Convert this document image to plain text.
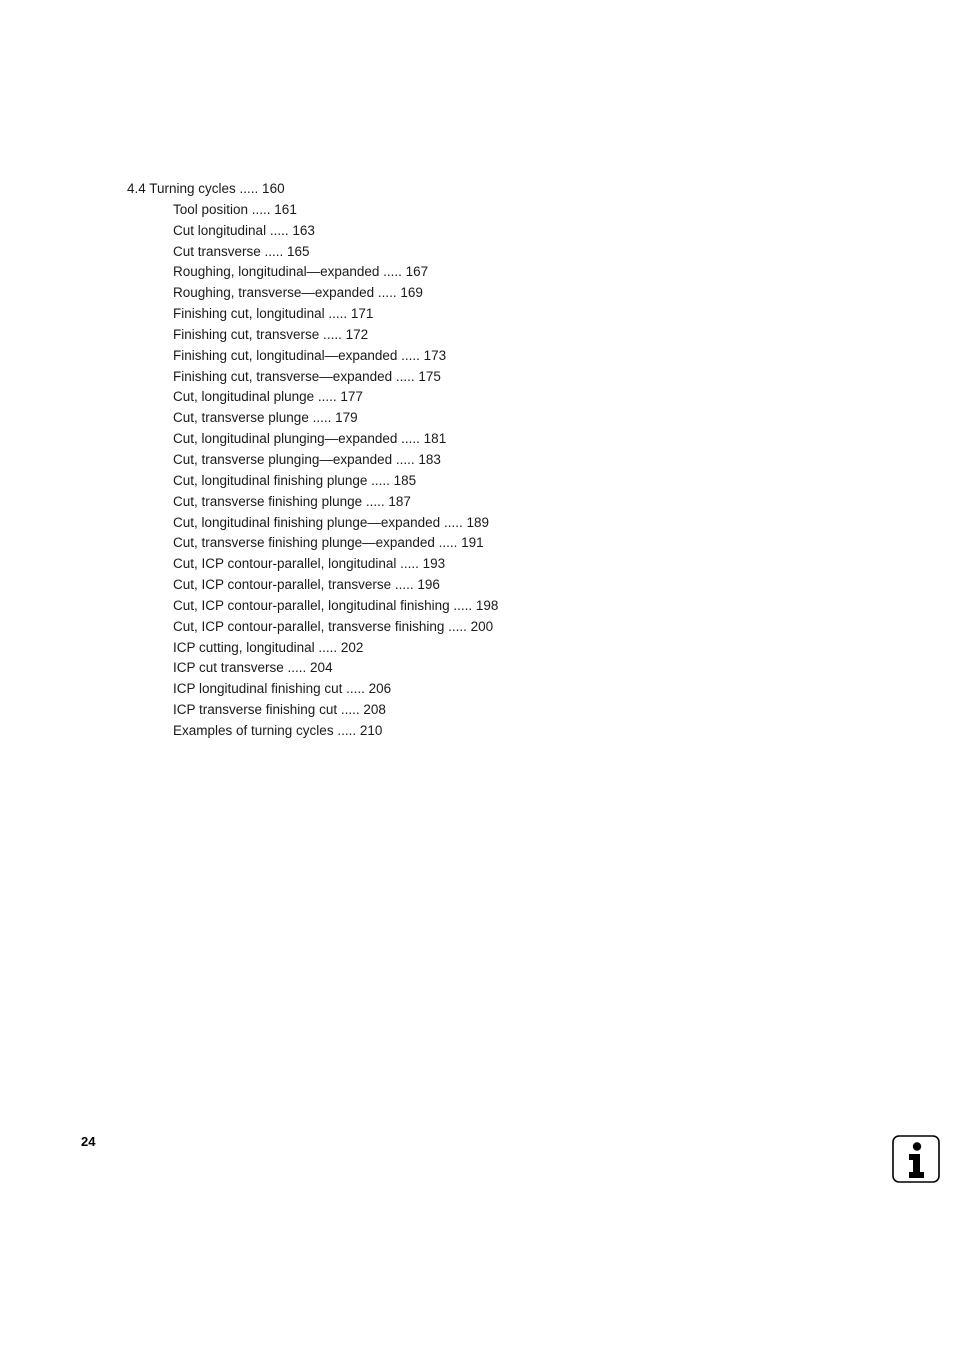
4.4 Turning cycles ..... 160
Tool position ..... 161
Cut longitudinal ..... 163
Cut transverse ..... 165
Roughing, longitudinal—expanded ..... 167
Roughing, transverse—expanded ..... 169
Finishing cut, longitudinal ..... 171
Finishing cut, transverse ..... 172
Finishing cut, longitudinal—expanded ..... 173
Finishing cut, transverse—expanded ..... 175
Cut, longitudinal plunge ..... 177
Cut, transverse plunge ..... 179
Cut, longitudinal plunging—expanded ..... 181
Cut, transverse plunging—expanded ..... 183
Cut, longitudinal finishing plunge ..... 185
Cut, transverse finishing plunge ..... 187
Cut, longitudinal finishing plunge—expanded ..... 189
Cut, transverse finishing plunge—expanded ..... 191
Cut, ICP contour-parallel, longitudinal ..... 193
Cut, ICP contour-parallel, transverse ..... 196
Cut, ICP contour-parallel, longitudinal finishing ..... 198
Cut, ICP contour-parallel, transverse finishing ..... 200
ICP cutting, longitudinal ..... 202
ICP cut transverse ..... 204
ICP longitudinal finishing cut ..... 206
ICP transverse finishing cut ..... 208
Examples of turning cycles ..... 210
24
